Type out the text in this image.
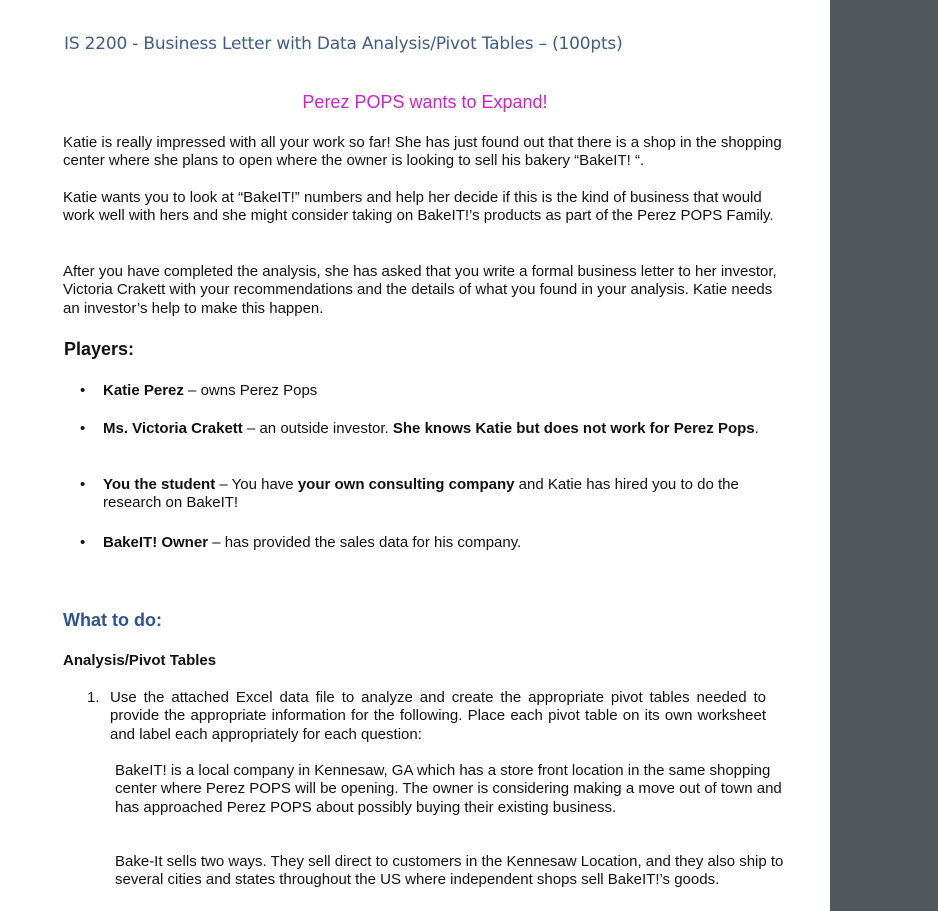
IS 2200 - Business Letter with Data Analysis/Pivot Tables – (100pts)
Perez POPS wants to Expand!

Katie is really impressed with all your work so far! She has just found out that there is a shop in the shopping center where she plans to open where the owner is looking to sell his bakery “BakeIT! “.

Katie wants you to look at “BakeIT!” numbers and help her decide if this is the kind of business that would work well with hers and she might consider taking on BakeIT!’s products as part of the Perez POPS Family.

After you have completed the analysis, she has asked that you write a formal business letter to her investor, Victoria Crakett with your recommendations and the details of what you found in your analysis. Katie needs an investor’s help to make this happen.

Players:

• Katie Perez – owns Perez Pops

• Ms. Victoria Crakett – an outside investor. She knows Katie but does not work for Perez Pops.

• You the student – You have your own consulting company and Katie has hired you to do the research on BakeIT!

• BakeIT! Owner – has provided the sales data for his company.

What to do:
Analysis/Pivot Tables
1. Use the attached Excel data file to analyze and create the appropriate pivot tables needed to provide the appropriate information for the following. Place each pivot table on its own worksheet and label each appropriately for each question:

BakeIT! is a local company in Kennesaw, GA which has a store front location in the same shopping center where Perez POPS will be opening. The owner is considering making a move out of town and has approached Perez POPS about possibly buying their existing business.

Bake-It sells two ways. They sell direct to customers in the Kennesaw Location, and they also ship to several cities and states throughout the US where independent shops sell BakeIT!’s goods.
